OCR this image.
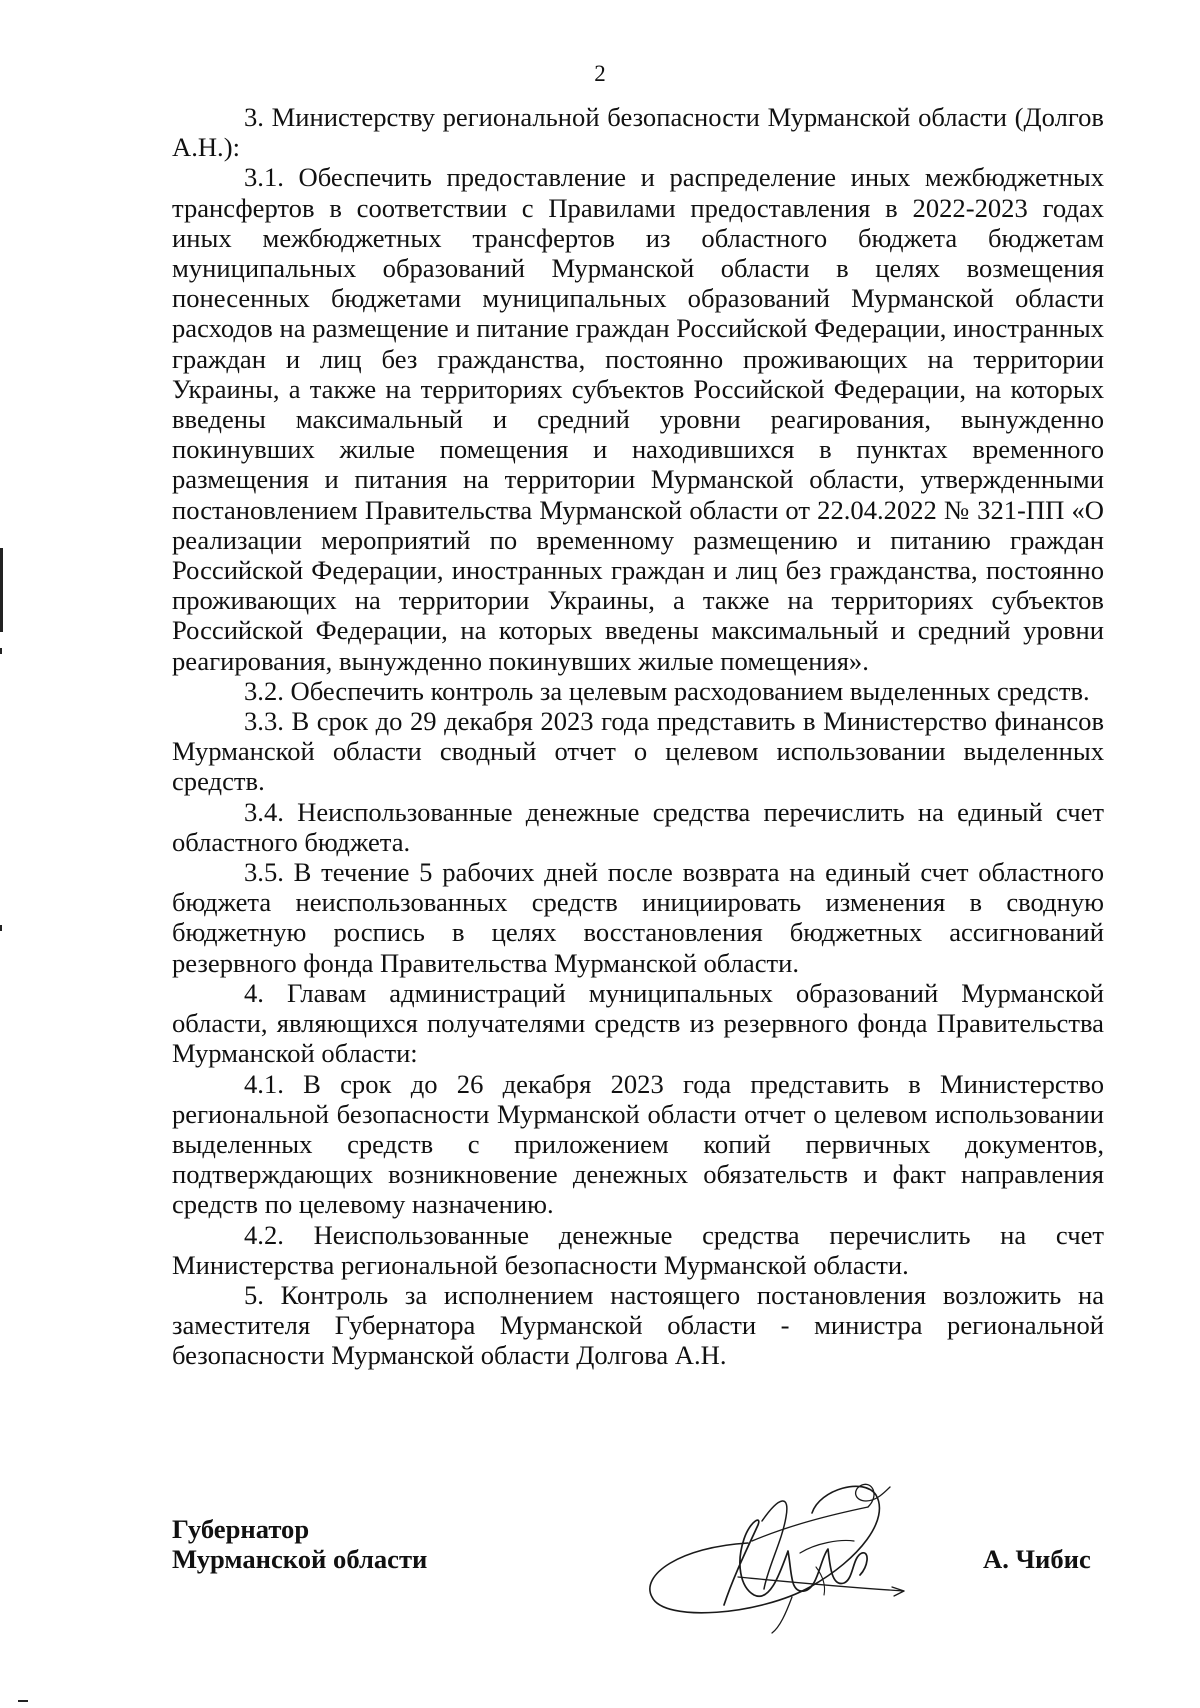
2

3. Министерству региональной безопасности Мурманской области (Долгов А.Н.):

3.1. Обеспечить предоставление и распределение иных межбюджетных трансфертов в соответствии с Правилами предоставления в 2022-2023 годах иных межбюджетных трансфертов из областного бюджета бюджетам муниципальных образований Мурманской области в целях возмещения понесенных бюджетами муниципальных образований Мурманской области расходов на размещение и питание граждан Российской Федерации, иностранных граждан и лиц без гражданства, постоянно проживающих на территории Украины, а также на территориях субъектов Российской Федерации, на которых введены максимальный и средний уровни реагирования, вынужденно покинувших жилые помещения и находившихся в пунктах временного размещения и питания на территории Мурманской области, утвержденными постановлением Правительства Мурманской области от 22.04.2022 № 321-ПП «О реализации мероприятий по временному размещению и питанию граждан Российской Федерации, иностранных граждан и лиц без гражданства, постоянно проживающих на территории Украины, а также на территориях субъектов Российской Федерации, на которых введены максимальный и средний уровни реагирования, вынужденно покинувших жилые помещения».

3.2. Обеспечить контроль за целевым расходованием выделенных средств.

3.3. В срок до 29 декабря 2023 года представить в Министерство финансов Мурманской области сводный отчет о целевом использовании выделенных средств.

3.4. Неиспользованные денежные средства перечислить на единый счет областного бюджета.

3.5. В течение 5 рабочих дней после возврата на единый счет областного бюджета неиспользованных средств инициировать изменения в сводную бюджетную роспись в целях восстановления бюджетных ассигнований резервного фонда Правительства Мурманской области.

4. Главам администраций муниципальных образований Мурманской области, являющихся получателями средств из резервного фонда Правительства Мурманской области:

4.1. В срок до 26 декабря 2023 года представить в Министерство региональной безопасности Мурманской области отчет о целевом использовании выделенных средств с приложением копий первичных документов, подтверждающих возникновение денежных обязательств и факт направления средств по целевому назначению.

4.2. Неиспользованные денежные средства перечислить на счет Министерства региональной безопасности Мурманской области.

5. Контроль за исполнением настоящего постановления возложить на заместителя Губернатора Мурманской области - министра региональной безопасности Мурманской области Долгова А.Н.

Губернатор
Мурманской области	А. Чибис
